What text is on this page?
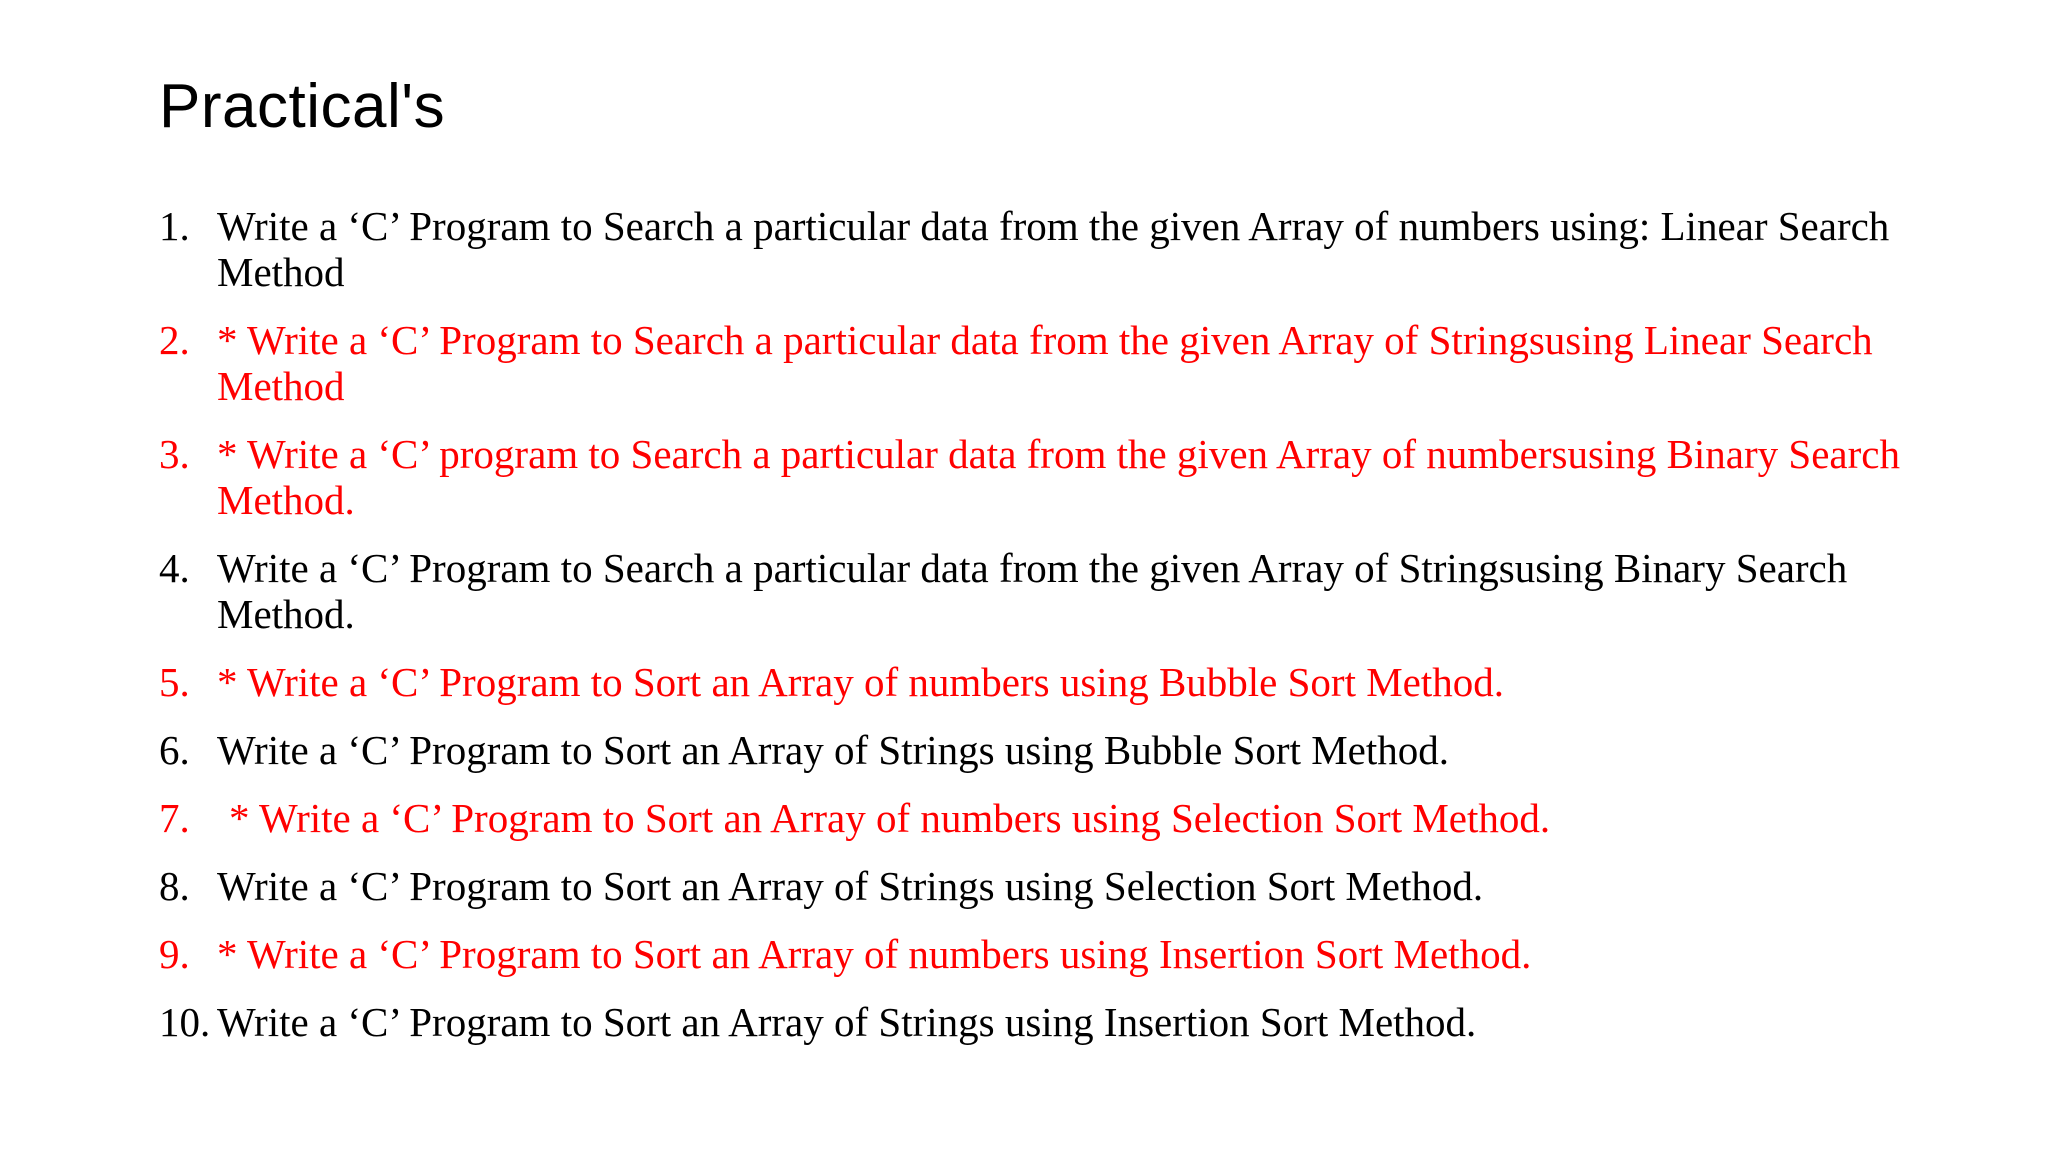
Practical's
1. Write a ‘C’ Program to Search a particular data from the given Array of numbers using: Linear Search Method
2. * Write a ‘C’ Program to Search a particular data from the given Array of Stringsusing Linear Search Method
3. * Write a ‘C’ program to Search a particular data from the given Array of numbersusing Binary Search Method.
4. Write a ‘C’ Program to Search a particular data from the given Array of Stringsusing Binary Search Method.
5. * Write a ‘C’ Program to Sort an Array of numbers using Bubble Sort Method.
6. Write a ‘C’ Program to Sort an Array of Strings using Bubble Sort Method.
7. * Write a ‘C’ Program to Sort an Array of numbers using Selection Sort Method.
8. Write a ‘C’ Program to Sort an Array of Strings using Selection Sort Method.
9. * Write a ‘C’ Program to Sort an Array of numbers using Insertion Sort Method.
10. Write a ‘C’ Program to Sort an Array of Strings using Insertion Sort Method.
